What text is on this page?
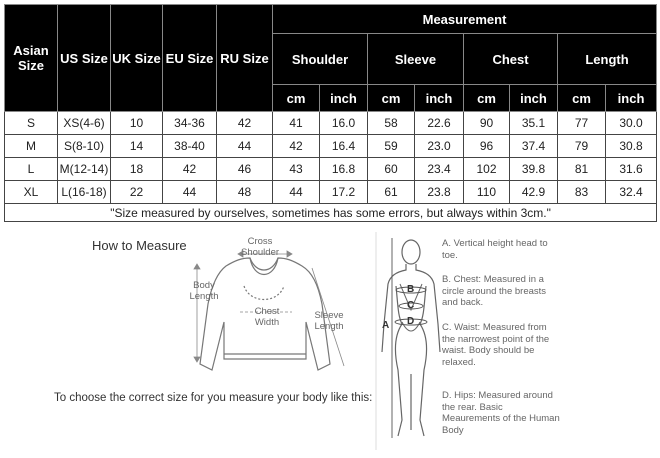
Asian Size	US Size	UK Size	EU Size	RU Size	Measurement							
					Shoulder		Sleeve		Chest		Length	
					cm	inch	cm	inch	cm	inch	cm	inch
S	XS(4-6)	10	34-36	42	41	16.0	58	22.6	90	35.1	77	30.0
M	S(8-10)	14	38-40	44	42	16.4	59	23.0	96	37.4	79	30.8
L	M(12-14)	18	42	46	43	16.8	60	23.4	102	39.8	81	31.6
XL	L(16-18)	22	44	48	44	17.2	61	23.8	110	42.9	83	32.4
"Size measured by ourselves, sometimes has some errors, but always within 3cm."												
How to Measure	Cross Shoulder
Body Length
Chest Width
Sleeve Length
To choose the correct size for you measure your body like this:
A
B
C
D
A. Vertical height head to toe.
B. Chest: Measured in a circle around the breasts and back.
C. Waist: Measured from the narrowest point of the waist. Body should be relaxed.
D. Hips: Measured around the rear. Basic Meaurements of the Human Body
